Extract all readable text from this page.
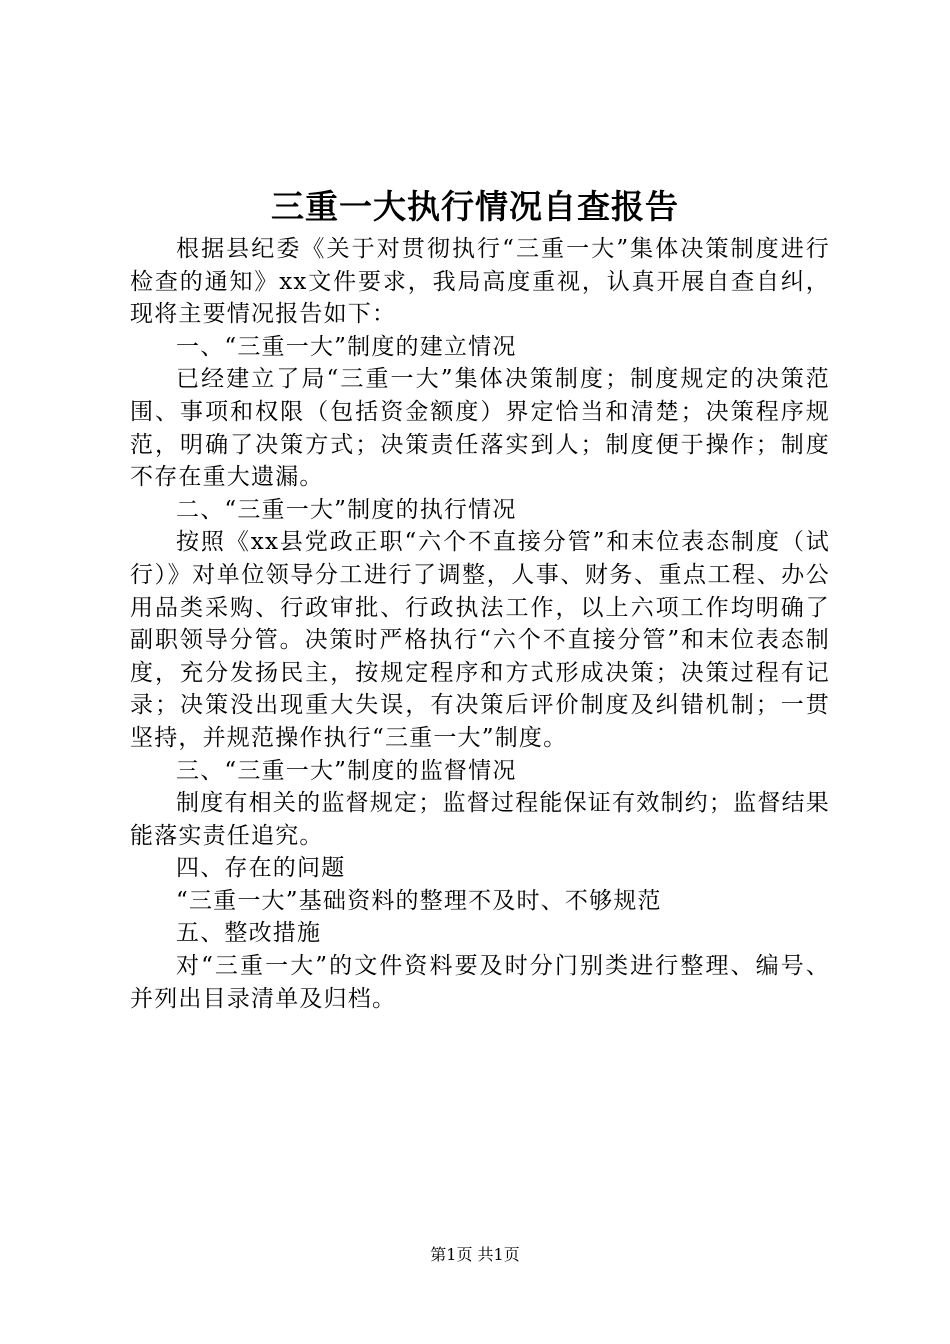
三重一大执行情况自查报告

根据县纪委《关于对贯彻执行“三重一大”集体决策制度进行检查的通知》xx文件要求，我局高度重视，认真开展自查自纠，现将主要情况报告如下：

一、“三重一大”制度的建立情况

已经建立了局“三重一大”集体决策制度；制度规定的决策范围、事项和权限（包括资金额度）界定恰当和清楚；决策程序规范，明确了决策方式；决策责任落实到人；制度便于操作；制度不存在重大遗漏。

二、“三重一大”制度的执行情况

按照《xx县党政正职“六个不直接分管”和末位表态制度（试行）》对单位领导分工进行了调整，人事、财务、重点工程、办公用品类采购、行政审批、行政执法工作，以上六项工作均明确了副职领导分管。决策时严格执行“六个不直接分管”和末位表态制度，充分发扬民主，按规定程序和方式形成决策；决策过程有记录；决策没出现重大失误，有决策后评价制度及纠错机制；一贯坚持，并规范操作执行“三重一大”制度。

三、“三重一大”制度的监督情况

制度有相关的监督规定；监督过程能保证有效制约；监督结果能落实责任追究。

四、存在的问题

“三重一大”基础资料的整理不及时、不够规范

五、整改措施

对“三重一大”的文件资料要及时分门别类进行整理、编号、并列出目录清单及归档。

第1页 共1页
